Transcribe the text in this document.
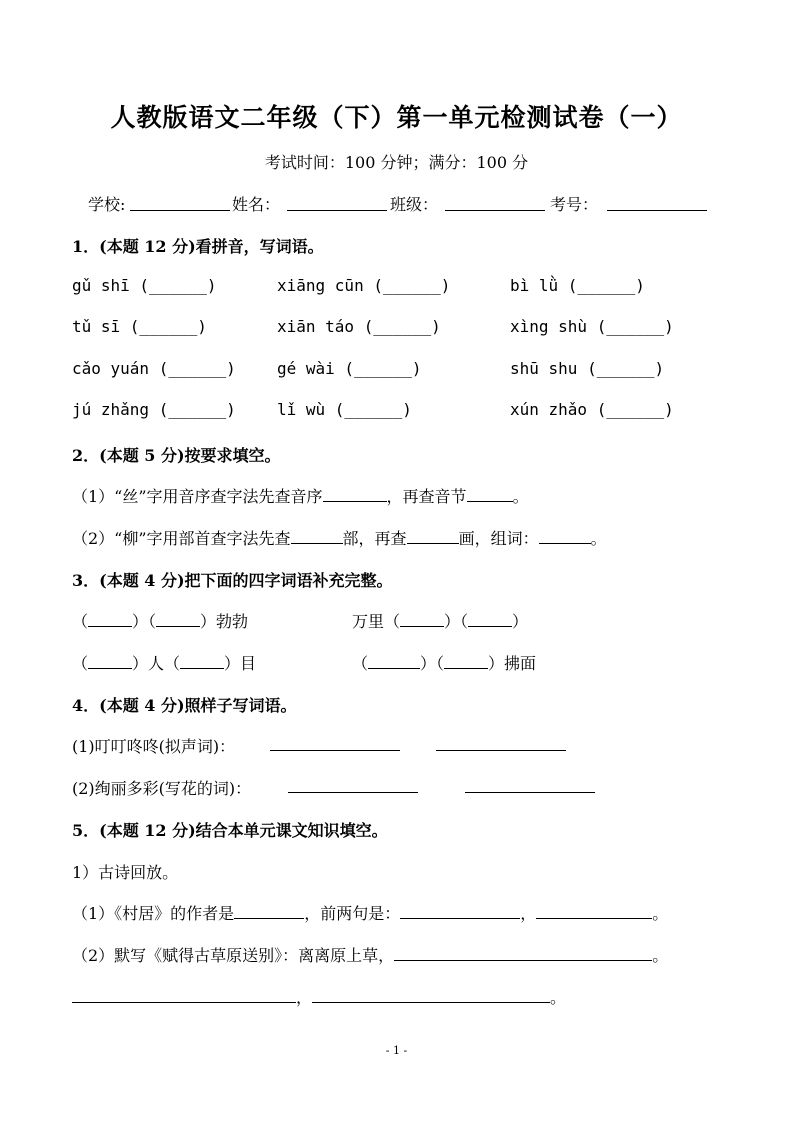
人教版语文二年级（下）第一单元检测试卷（一）
考试时间：100 分钟；满分：100 分
学校:	姓名：	班级：	考号：
1．(本题 12 分)看拼音，写词语。
gǔ shī (______)	xiāng cūn (______)	bì lǜ (______)
tǔ sī (______)	xiān táo (______)	xìng shù (______)
cǎo yuán (______)	gé wài (______)	shū shu (______)
jú zhǎng (______)	lǐ wù (______)	xún zhǎo (______)
2．(本题 5 分)按要求填空。
（1）“丝”字用音序查字法先查音序	，再查音节	。
（2）“柳”字用部首查字法先查	部，再查	画，组词：	。
3．(本题 4 分)把下面的四字词语补充完整。
（	）（	）勃勃	万里（	）（	）
（	）人（	）目	（	）（	）拂面
4．(本题 4 分)照样子写词语。
(1)叮叮咚咚(拟声词)：
(2)绚丽多彩(写花的词)：
5．(本题 12 分)结合本单元课文知识填空。
1）古诗回放。
（1）《村居》的作者是	，前两句是：	，	。
（2）默写《赋得古草原送别》：离离原上草，	。
，	。
- 1 -
